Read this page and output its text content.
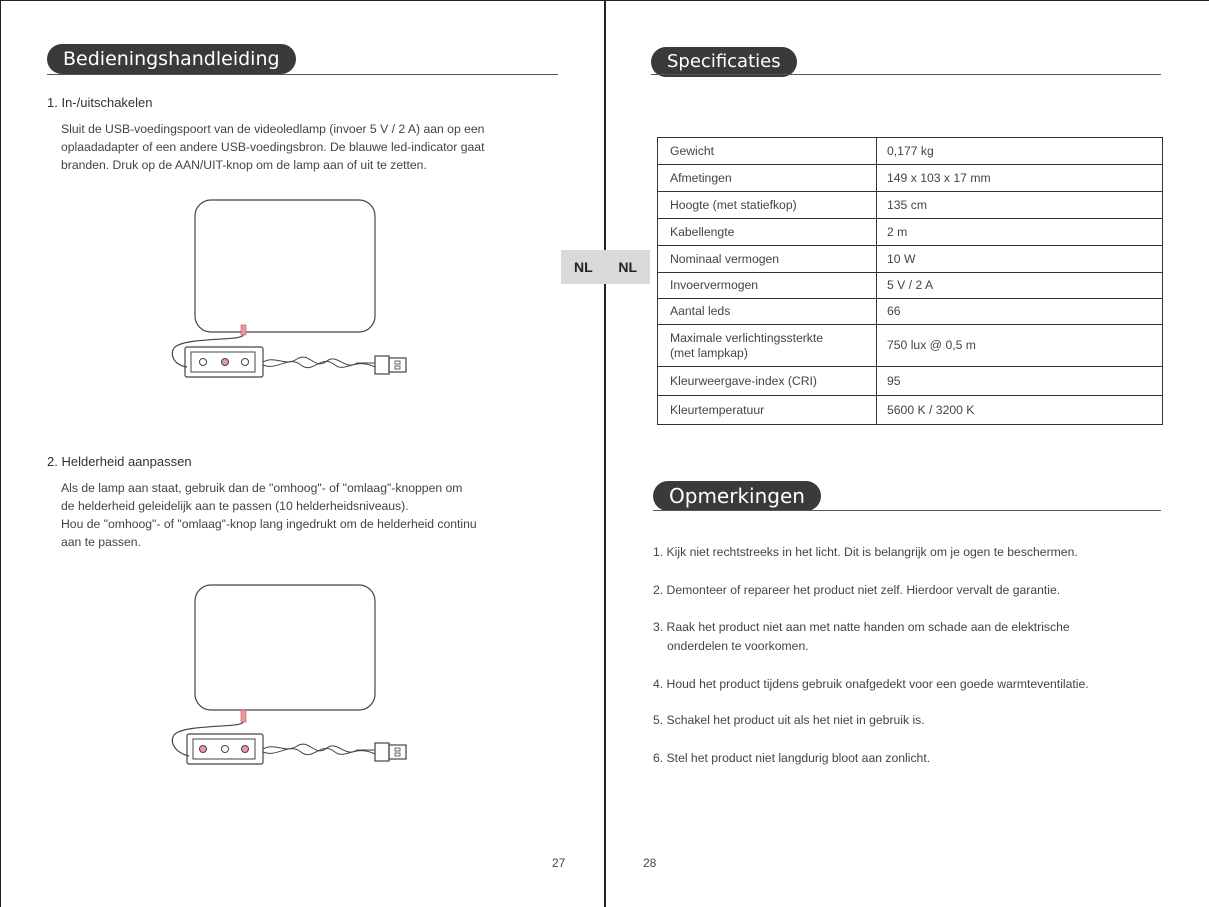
Bedieningshandleiding
1. In-/uitschakelen
Sluit de USB-voedingspoort van de videoledlamp (invoer 5 V / 2 A) aan op een
oplaadadapter of een andere USB-voedingsbron. De blauwe led-indicator gaat
branden. Druk op de AAN/UIT-knop om de lamp aan of uit te zetten.
2. Helderheid aanpassen
Als de lamp aan staat, gebruik dan de "omhoog"- of "omlaag"-knoppen om
de helderheid geleidelijk aan te passen (10 helderheidsniveaus).
Hou de "omhoog"- of "omlaag"-knop lang ingedrukt om de helderheid continu
aan te passen.
27
NL NL
Specificaties
Gewicht	0,177 kg
Afmetingen	149 x 103 x 17 mm
Hoogte (met statiefkop)	135 cm
Kabellengte	2 m
Nominaal vermogen	10 W
Invoervermogen	5 V / 2 A
Aantal leds	66

Maximale verlichtingssterkte
(met lampkap)	750 lux @ 0,5 m
Kleurweergave-index (CRI)	95
Kleurtemperatuur	5600 K / 3200 K
Opmerkingen
1. Kijk niet rechtstreeks in het licht. Dit is belangrijk om je ogen te beschermen.
2. Demonteer of repareer het product niet zelf. Hierdoor vervalt de garantie.
3. Raak het product niet aan met natte handen om schade aan de elektrische
onderdelen te voorkomen.
4. Houd het product tijdens gebruik onafgedekt voor een goede warmteventilatie.
5. Schakel het product uit als het niet in gebruik is.
6. Stel het product niet langdurig bloot aan zonlicht.
28
